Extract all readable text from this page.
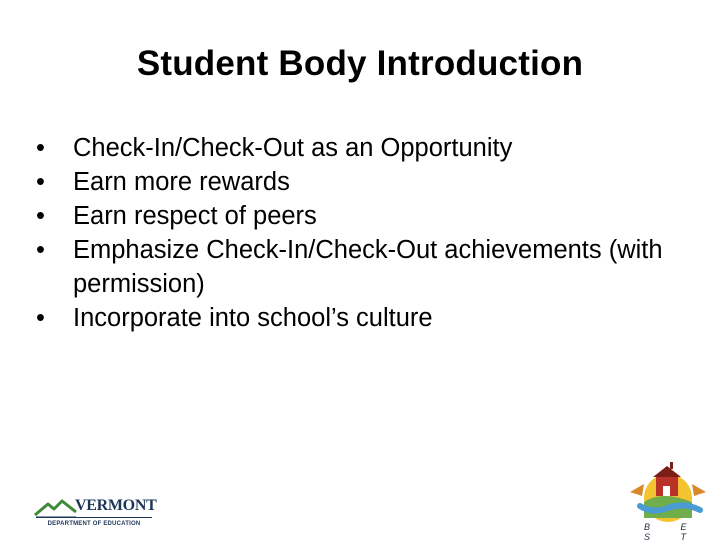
Student Body Introduction
•	Check-In/Check-Out as an Opportunity
•	Earn more rewards
•	Earn respect of peers
•	Emphasize Check-In/Check-Out achievements (with permission)
•	Incorporate into school’s culture
VERMONT
DEPARTMENT OF EDUCATION	B E S T
